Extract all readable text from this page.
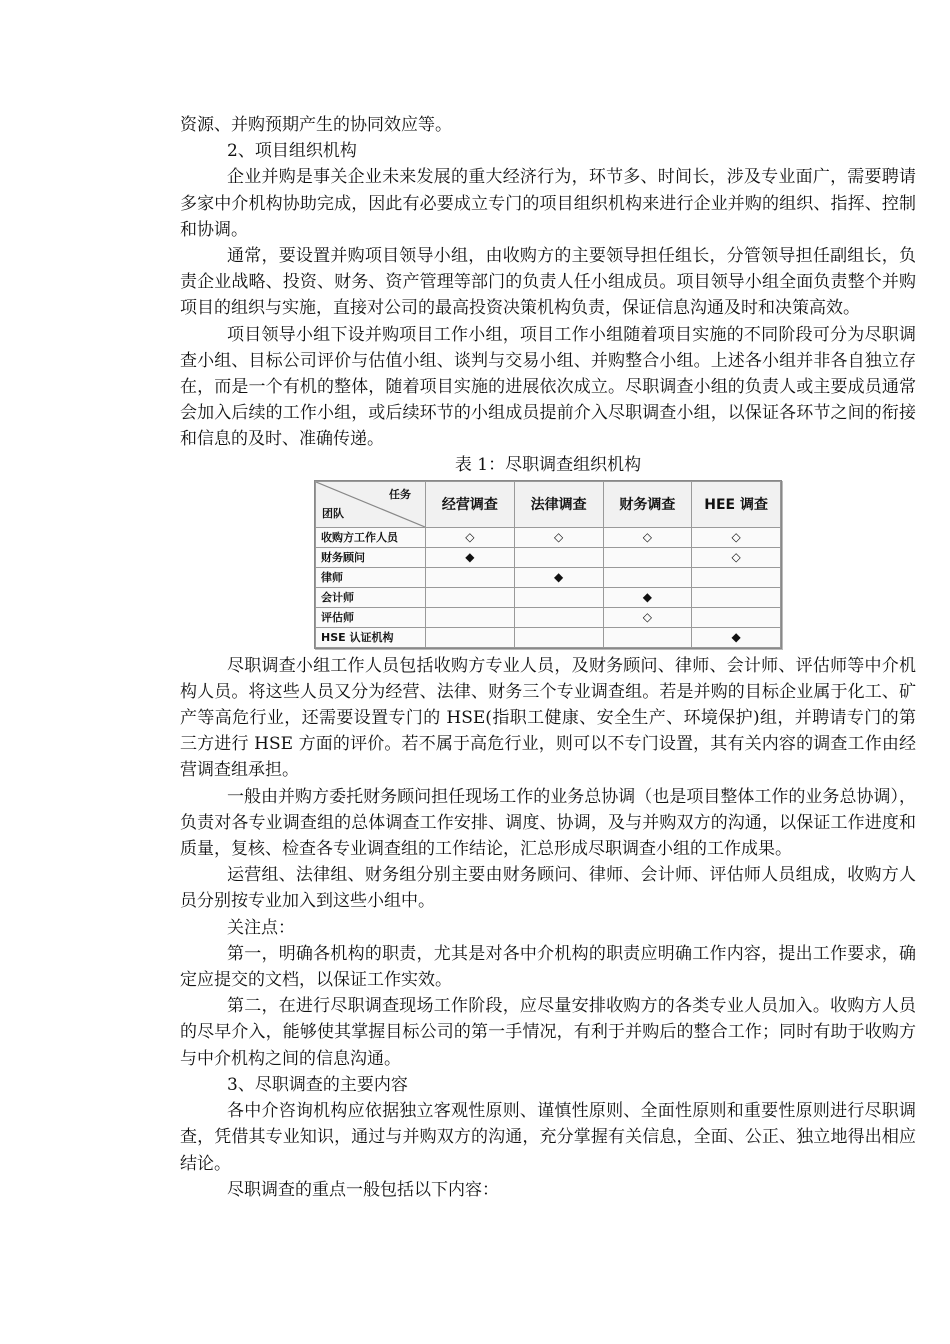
资源、并购预期产生的协同效应等。

2、项目组织机构

企业并购是事关企业未来发展的重大经济行为，环节多、时间长，涉及专业面广，需要聘请多家中介机构协助完成，因此有必要成立专门的项目组织机构来进行企业并购的组织、指挥、控制和协调。

通常，要设置并购项目领导小组，由收购方的主要领导担任组长，分管领导担任副组长，负责企业战略、投资、财务、资产管理等部门的负责人任小组成员。项目领导小组全面负责整个并购项目的组织与实施，直接对公司的最高投资决策机构负责，保证信息沟通及时和决策高效。

项目领导小组下设并购项目工作小组，项目工作小组随着项目实施的不同阶段可分为尽职调查小组、目标公司评价与估值小组、谈判与交易小组、并购整合小组。上述各小组并非各自独立存在，而是一个有机的整体，随着项目实施的进展依次成立。尽职调查小组的负责人或主要成员通常会加入后续的工作小组，或后续环节的小组成员提前介入尽职调查小组，以保证各环节之间的衔接和信息的及时、准确传递。

表 1：尽职调查组织机构

任务
团队	经营调查	法律调查	财务调查	HEE 调查
收购方工作人员	◇	◇	◇	◇
财务顾问	◆			◇
律师		◆		
会计师			◆	
评估师			◇	
HSE 认证机构				◆

尽职调查小组工作人员包括收购方专业人员，及财务顾问、律师、会计师、评估师等中介机构人员。将这些人员又分为经营、法律、财务三个专业调查组。若是并购的目标企业属于化工、矿产等高危行业，还需要设置专门的 HSE(指职工健康、安全生产、环境保护)组，并聘请专门的第三方进行 HSE 方面的评价。若不属于高危行业，则可以不专门设置，其有关内容的调查工作由经营调查组承担。

一般由并购方委托财务顾问担任现场工作的业务总协调（也是项目整体工作的业务总协调），负责对各专业调查组的总体调查工作安排、调度、协调，及与并购双方的沟通，以保证工作进度和质量，复核、检查各专业调查组的工作结论，汇总形成尽职调查小组的工作成果。

运营组、法律组、财务组分别主要由财务顾问、律师、会计师、评估师人员组成，收购方人员分别按专业加入到这些小组中。

关注点：

第一，明确各机构的职责，尤其是对各中介机构的职责应明确工作内容，提出工作要求，确定应提交的文档，以保证工作实效。

第二，在进行尽职调查现场工作阶段，应尽量安排收购方的各类专业人员加入。收购方人员的尽早介入，能够使其掌握目标公司的第一手情况，有利于并购后的整合工作；同时有助于收购方与中介机构之间的信息沟通。

3、尽职调查的主要内容

各中介咨询机构应依据独立客观性原则、谨慎性原则、全面性原则和重要性原则进行尽职调查，凭借其专业知识，通过与并购双方的沟通，充分掌握有关信息，全面、公正、独立地得出相应结论。

尽职调查的重点一般包括以下内容：
